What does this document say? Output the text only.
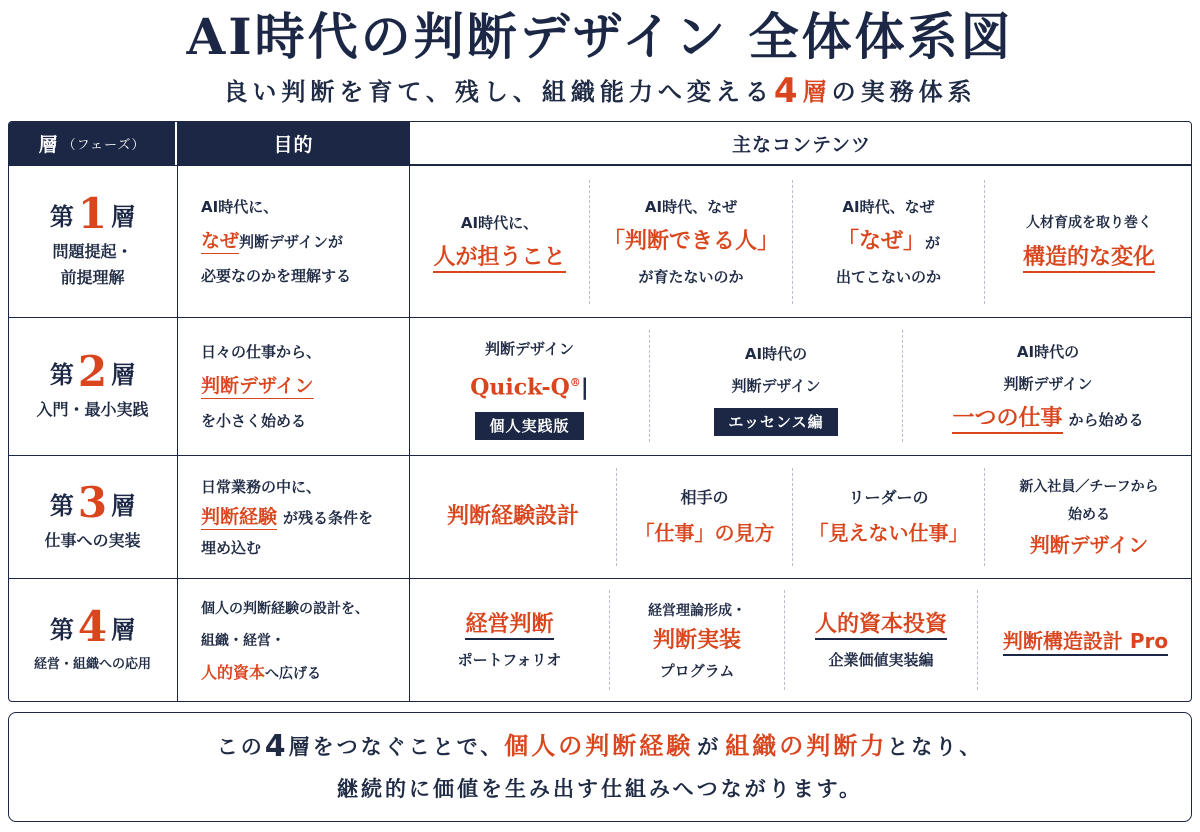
AI時代の判断デザイン 全体体系図
良い判断を育て、残し、組織能力へ変える4層の実務体系
層 （フェーズ）	目的	主なコンテンツ
第1 層
問題提起・
前提理解
AI時代に、
なぜ判断デザインが
必要なのかを理解する
AI時代に、
人が担うこと
AI時代、なぜ
「判断できる人」
が育たないのか
AI時代、なぜ
「なぜ」が
出てこないのか
人材育成を取り巻く
構造的な変化
第2 層
入門・最小実践
日々の仕事から、
判断デザイン
を小さく始める
判断デザイン
Quick-Q®|
個人実践版
AI時代の
判断デザイン
エッセンス編
AI時代の
判断デザイン
一つの仕事 から始める
第3 層
仕事への実装
日常業務の中に、
判断経験 が残る条件を
埋め込む
判断経験設計
相手の
「仕事」の見方
リーダーの
「見えない仕事」
新入社員／チーフから
始める
判断デザイン
第4 層
経営・組織への応用
個人の判断経験の設計を、
組織・経営・
人的資本へ広げる
経営判断
ポートフォリオ
経営理論形成・
判断実装
プログラム
人的資本投資
企業価値実装編
判断構造設計 Pro
この4層をつなぐことで、個人の判断経験 が 組織の判断力となり、
継続的に価値を生み出す仕組みへつながります。
